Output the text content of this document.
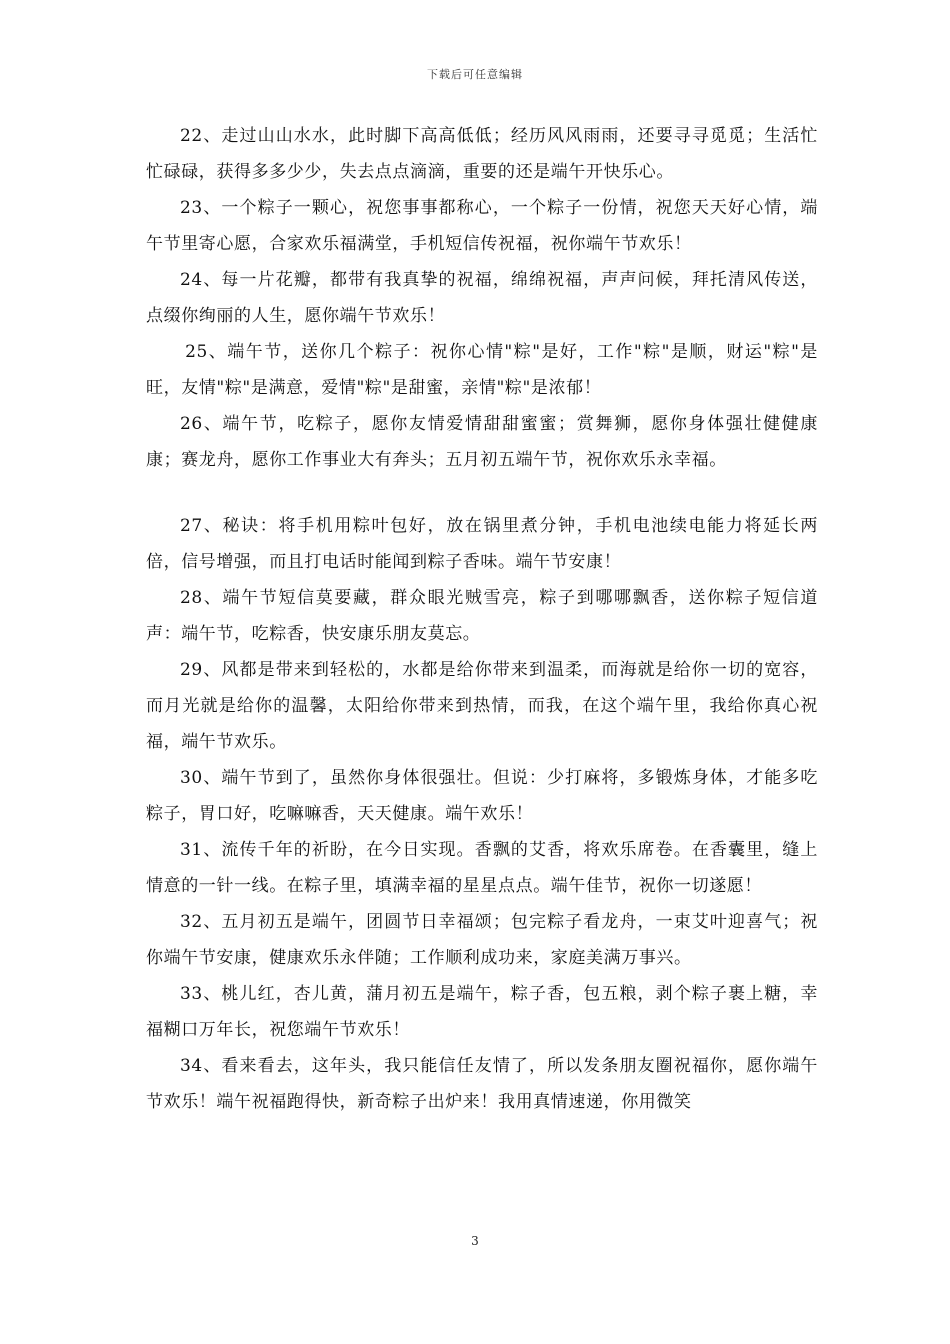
下载后可任意编辑

22、走过山山水水，此时脚下高高低低；经历风风雨雨，还要寻寻觅觅；生活忙忙碌碌，获得多多少少，失去点点滴滴，重要的还是端午开快乐心。

23、一个粽子一颗心，祝您事事都称心，一个粽子一份情，祝您天天好心情，端午节里寄心愿，合家欢乐福满堂，手机短信传祝福，祝你端午节欢乐！

24、每一片花瓣，都带有我真挚的祝福，绵绵祝福，声声问候，拜托清风传送，点缀你绚丽的人生，愿你端午节欢乐！

25、端午节，送你几个粽子：祝你心情"粽"是好，工作"粽"是顺，财运"粽"是旺，友情"粽"是满意，爱情"粽"是甜蜜，亲情"粽"是浓郁！

26、端午节，吃粽子，愿你友情爱情甜甜蜜蜜；赏舞狮，愿你身体强壮健健康康；赛龙舟，愿你工作事业大有奔头；五月初五端午节，祝你欢乐永幸福。

27、秘诀：将手机用粽叶包好，放在锅里煮分钟，手机电池续电能力将延长两倍，信号增强，而且打电话时能闻到粽子香味。端午节安康！

28、端午节短信莫要藏，群众眼光贼雪亮，粽子到哪哪飘香，送你粽子短信道声：端午节，吃粽香，快安康乐朋友莫忘。

29、风都是带来到轻松的，水都是给你带来到温柔，而海就是给你一切的宽容，而月光就是给你的温馨，太阳给你带来到热情，而我，在这个端午里，我给你真心祝福，端午节欢乐。

30、端午节到了，虽然你身体很强壮。但说：少打麻将，多锻炼身体，才能多吃粽子，胃口好，吃嘛嘛香，天天健康。端午欢乐！

31、流传千年的祈盼，在今日实现。香飘的艾香，将欢乐席卷。在香囊里，缝上情意的一针一线。在粽子里，填满幸福的星星点点。端午佳节，祝你一切遂愿！

32、五月初五是端午，团圆节日幸福颂；包完粽子看龙舟，一束艾叶迎喜气；祝你端午节安康，健康欢乐永伴随；工作顺利成功来，家庭美满万事兴。

33、桃儿红，杏儿黄，蒲月初五是端午，粽子香，包五粮，剥个粽子裹上糖，幸福糊口万年长，祝您端午节欢乐！

34、看来看去，这年头，我只能信任友情了，所以发条朋友圈祝福你，愿你端午节欢乐！端午祝福跑得快，新奇粽子出炉来！我用真情速递，你用微笑

3
